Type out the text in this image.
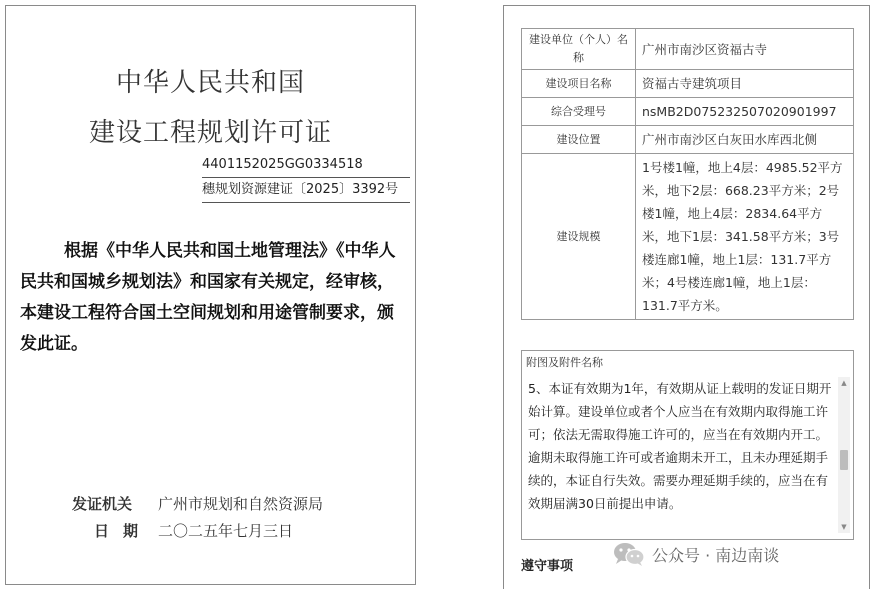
中华人民共和国
建设工程规划许可证
4401152025GG0334518
穗规划资源建证〔2025〕3392号
根据《中华人民共和国土地管理法》《中华人民共和国城乡规划法》和国家有关规定，经审核，本建设工程符合国土空间规划和用途管制要求，颁发此证。
发证机关 广州市规划和自然资源局
日期 二〇二五年七月三日
建设单位（个人）名称	广州市南沙区资福古寺
建设项目名称	资福古寺建筑项目
综合受理号	nsMB2D075232507020901997
建设位置	广州市南沙区白灰田水库西北侧
建设规模	1号楼1幢，地上4层：4985.52平方米，地下2层：668.23平方米；2号楼1幢，地上4层：2834.64平方米，地下1层：341.58平方米；3号楼连廊1幢，地上1层：131.7平方米；4号楼连廊1幢，地上1层：131.7平方米。
附图及附件名称
5、本证有效期为1年，有效期从证上载明的发证日期开始计算。建设单位或者个人应当在有效期内取得施工许可；依法无需取得施工许可的，应当在有效期内开工。逾期未取得施工许可或者逾期未开工，且未办理延期手续的，本证自行失效。需要办理延期手续的，应当在有效期届满30日前提出申请。
▲
▼
遵守事项
公众号 · 南边南谈
